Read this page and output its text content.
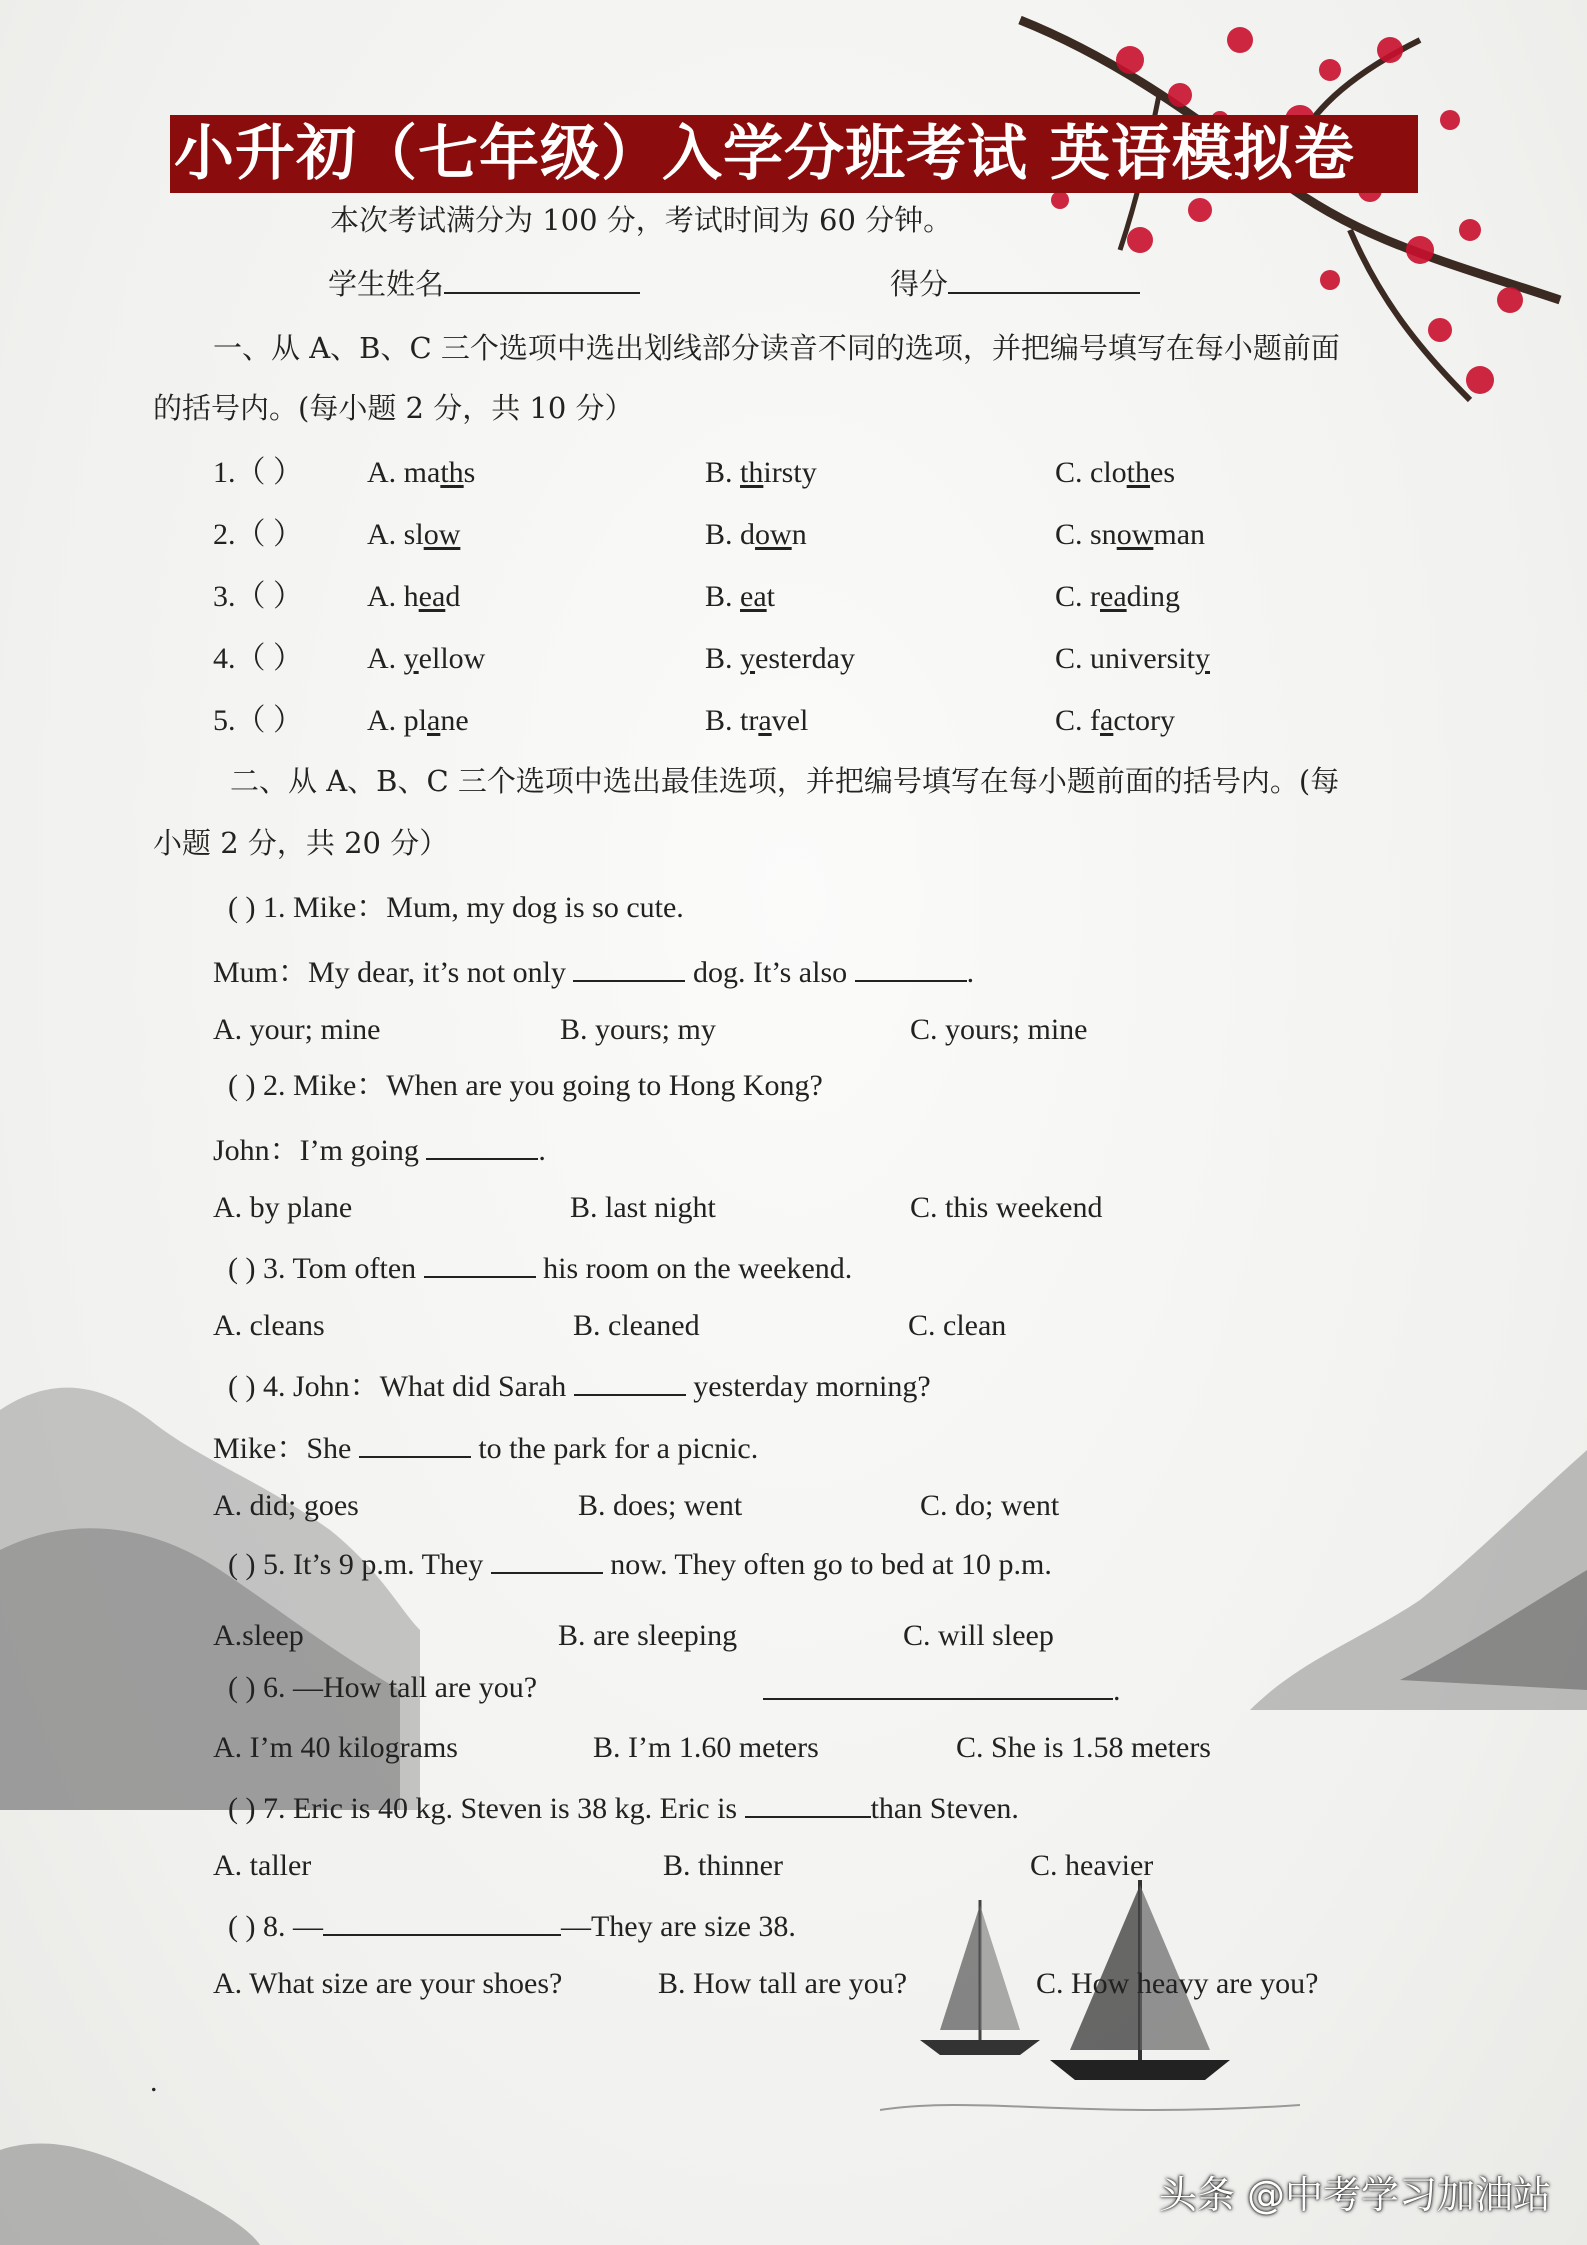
小升初（七年级）入学分班考试 英语模拟卷
本次考试满分为 100 分，考试时间为 60 分钟。
学生姓名	得分
一、从 A、B、C 三个选项中选出划线部分读音不同的选项，并把编号填写在每小题前面
的括号内。(每小题 2 分，共 10 分）
1.（ ） A. maths	B. thirsty	C. clothes
2.（ ） A. slow	B. down	C. snowman
3.（ ） A. head	B. eat	C. reading
4.（ ） A. yellow	B. yesterday	C. university
5.（ ） A. plane	B. travel	C. factory
二、从 A、B、C 三个选项中选出最佳选项，并把编号填写在每小题前面的括号内。(每
小题 2 分，共 20 分）
( ) 1. Mike：Mum, my dog is so cute.
Mum：My dear, it’s not only	dog. It’s also	.
A. your; mine	B. yours; my	C. yours; mine
( ) 2. Mike：When are you going to Hong Kong?
John：I’m going	.
A. by plane	B. last night	C. this weekend
( ) 3. Tom often	his room on the weekend.
A. cleans	B. cleaned	C. clean
( ) 4. John：What did Sarah	yesterday morning?
Mike：She	to the park for a picnic.
A. did; goes	B. does; went	C. do; went
( ) 5. It’s 9 p.m. They	now. They often go to bed at 10 p.m.
A.sleep	B. are sleeping	C. will sleep
( ) 6. —How tall are you?	.
A. I’m 40 kilograms	B. I’m 1.60 meters	C. She is 1.58 meters
( ) 7. Eric is 40 kg. Steven is 38 kg. Eric is	than Steven.
A. taller	B. thinner	C. heavier
( ) 8. —	—They are size 38.
A. What size are your shoes?	B. How tall are you?	C. How heavy are you?
.
头条 @中考学习加油站
